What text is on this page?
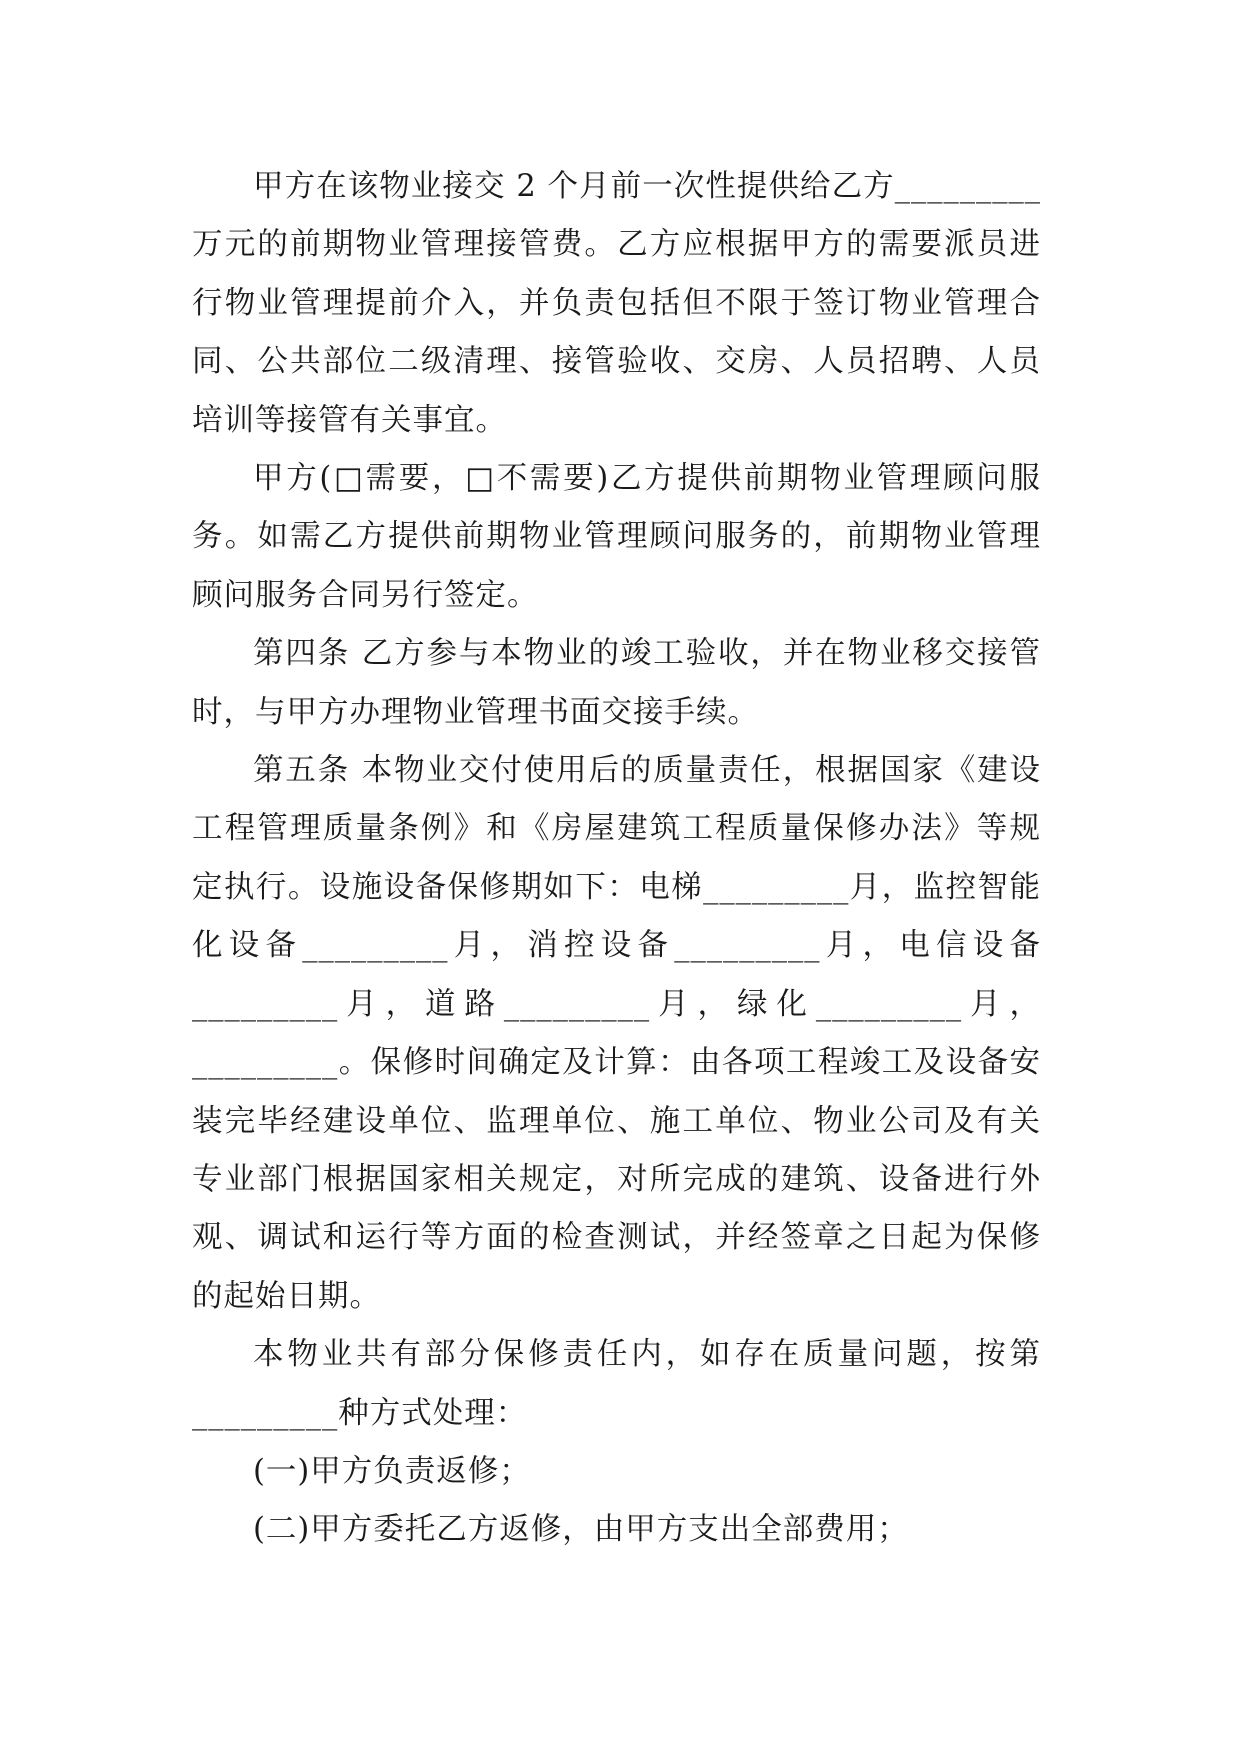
甲方在该物业接交 2 个月前一次性提供给乙方_________万元的前期物业管理接管费。乙方应根据甲方的需要派员进行物业管理提前介入，并负责包括但不限于签订物业管理合同、公共部位二级清理、接管验收、交房、人员招聘、人员培训等接管有关事宜。

甲方(□需要，□不需要)乙方提供前期物业管理顾问服务。如需乙方提供前期物业管理顾问服务的，前期物业管理顾问服务合同另行签定。

第四条 乙方参与本物业的竣工验收，并在物业移交接管时，与甲方办理物业管理书面交接手续。

第五条 本物业交付使用后的质量责任，根据国家《建设工程管理质量条例》和《房屋建筑工程质量保修办法》等规定执行。设施设备保修期如下：电梯_________月，监控智能化设备_________月，消控设备_________月，电信设备_________月，道路_________月，绿化_________月，_________。保修时间确定及计算：由各项工程竣工及设备安装完毕经建设单位、监理单位、施工单位、物业公司及有关专业部门根据国家相关规定，对所完成的建筑、设备进行外观、调试和运行等方面的检查测试，并经签章之日起为保修的起始日期。

本物业共有部分保修责任内，如存在质量问题，按第_________种方式处理：

(一)甲方负责返修；

(二)甲方委托乙方返修，由甲方支出全部费用；
